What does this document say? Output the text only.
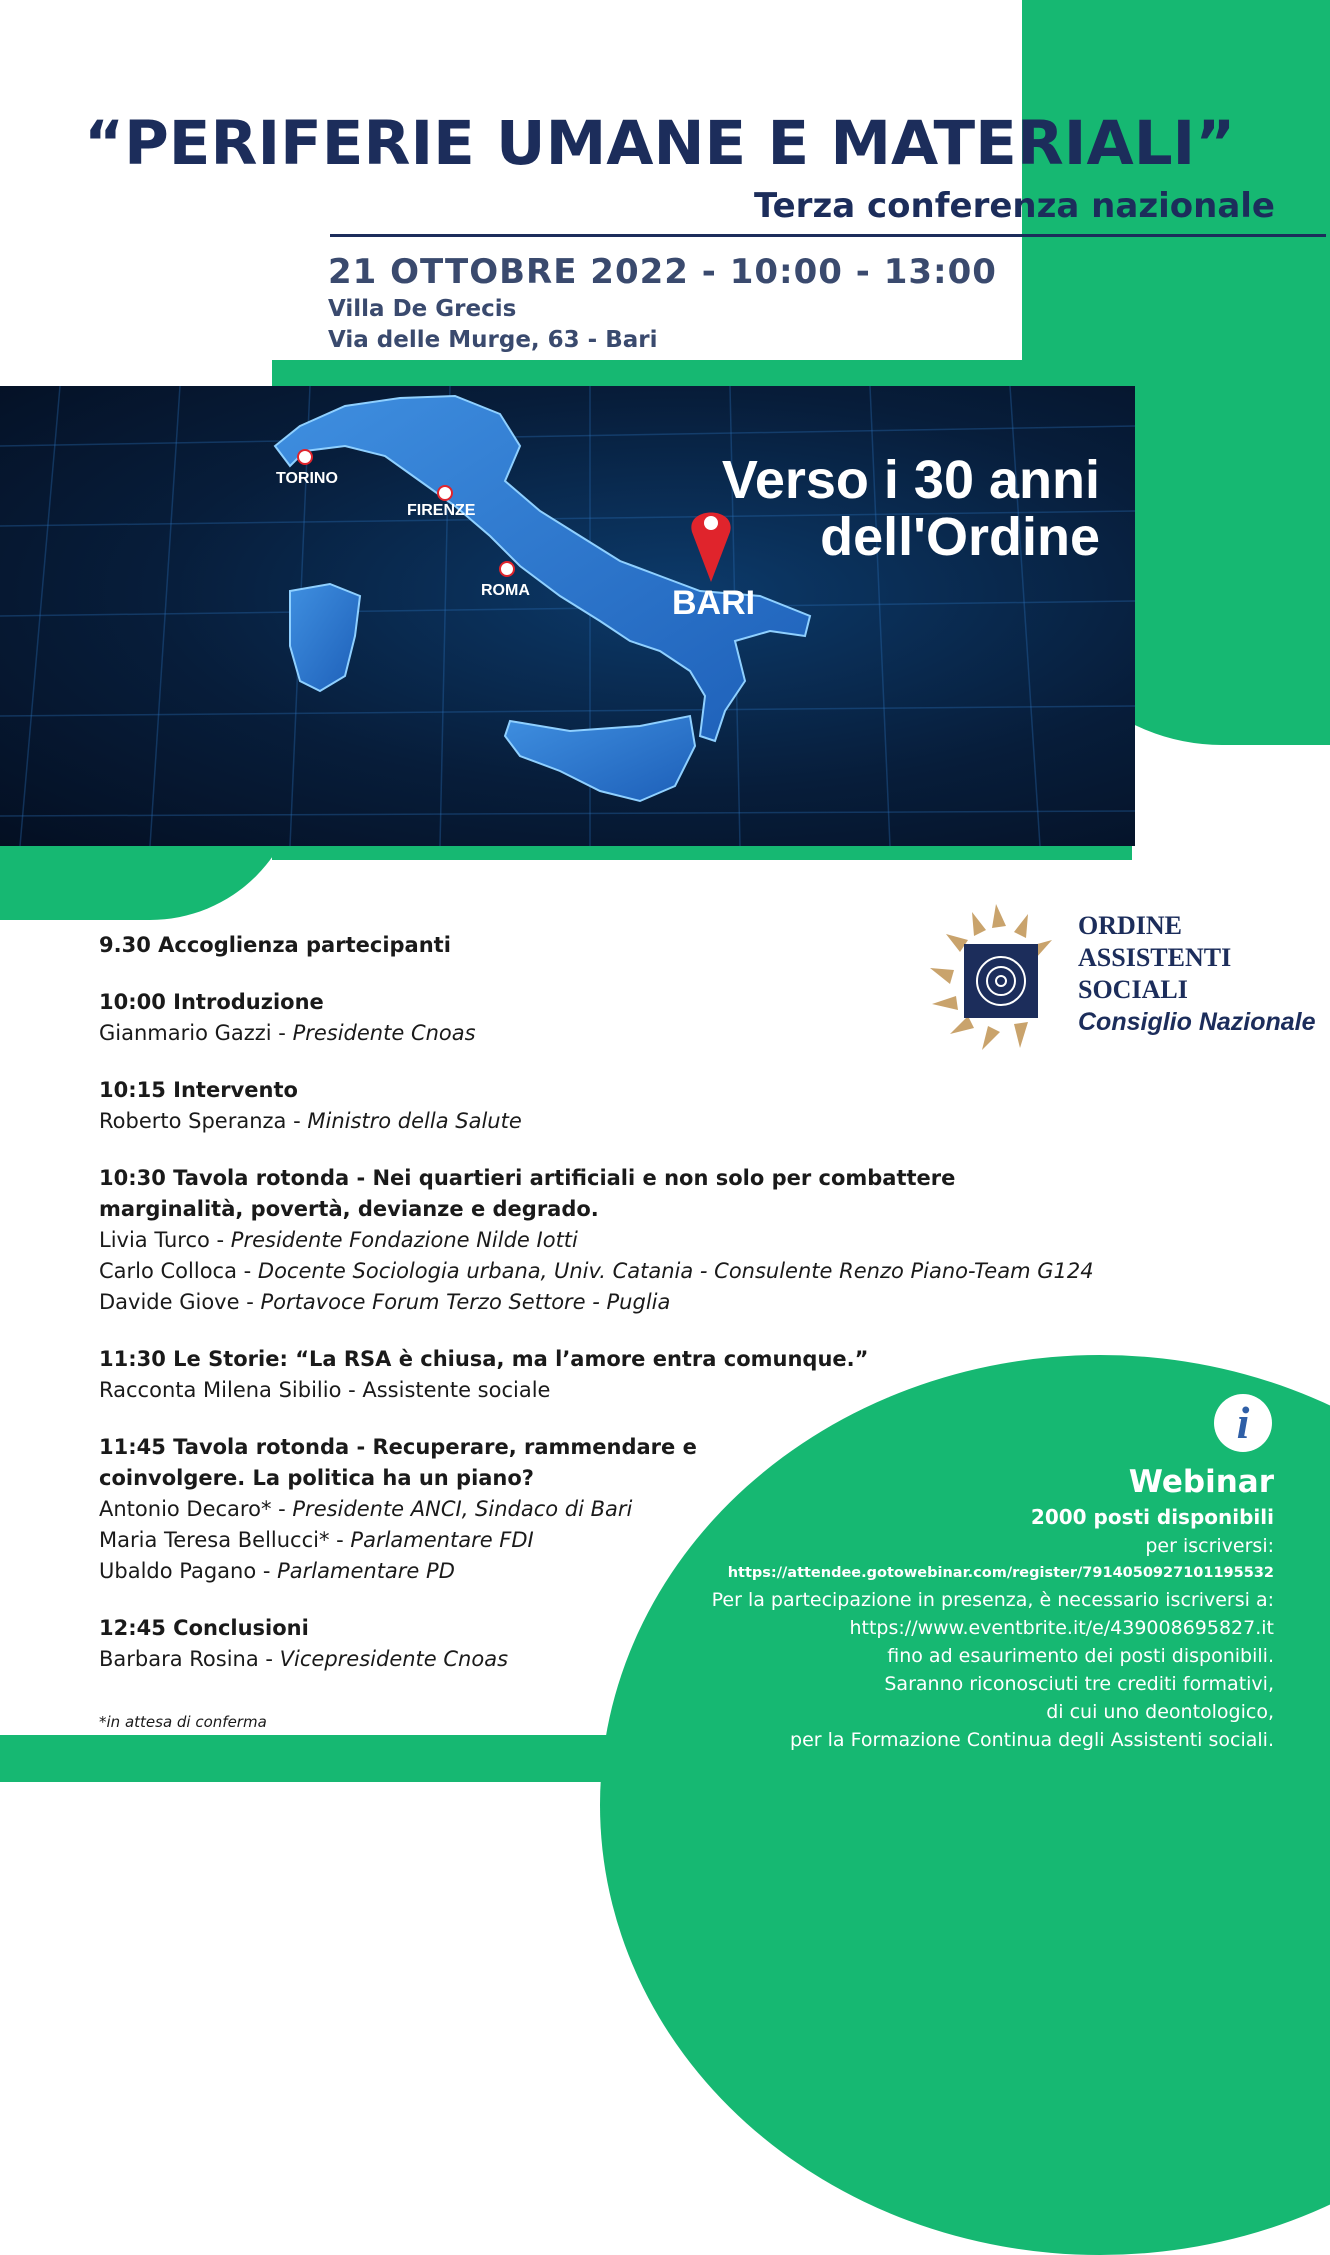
“PERIFERIE UMANE E MATERIALI”
Terza conferenza nazionale
21 OTTOBRE 2022 - 10:00 - 13:00
Villa De Grecis
Via delle Murge, 63 - Bari
TORINO
FIRENZE
ROMA	BARI
Verso i 30 anni
dell'Ordine
ORDINE
ASSISTENTI
SOCIALI
Consiglio Nazionale
9.30 Accoglienza partecipanti
10:00 Introduzione
Gianmario Gazzi - Presidente Cnoas
10:15 Intervento
Roberto Speranza - Ministro della Salute
10:30 Tavola rotonda - Nei quartieri artificiali e non solo per combattere marginalità, povertà, devianze e degrado.
Livia Turco - Presidente Fondazione Nilde Iotti
Carlo Colloca - Docente Sociologia urbana, Univ. Catania - Consulente Renzo Piano-Team G124
Davide Giove - Portavoce Forum Terzo Settore - Puglia
11:30 Le Storie: “La RSA è chiusa, ma l’amore entra comunque.”
Racconta Milena Sibilio - Assistente sociale
11:45 Tavola rotonda - Recuperare, rammendare e coinvolgere. La politica ha un piano?
Antonio Decaro* - Presidente ANCI, Sindaco di Bari
Maria Teresa Bellucci* - Parlamentare FDI
Ubaldo Pagano - Parlamentare PD
12:45 Conclusioni
Barbara Rosina - Vicepresidente Cnoas
*in attesa di conferma
i
Webinar
2000 posti disponibili
per iscriversi:
https://attendee.gotowebinar.com/register/7914050927101195532
Per la partecipazione in presenza, è necessario iscriversi a:
https://www.eventbrite.it/e/439008695827.it
fino ad esaurimento dei posti disponibili.
Saranno riconosciuti tre crediti formativi,
di cui uno deontologico,
per la Formazione Continua degli Assistenti sociali.
